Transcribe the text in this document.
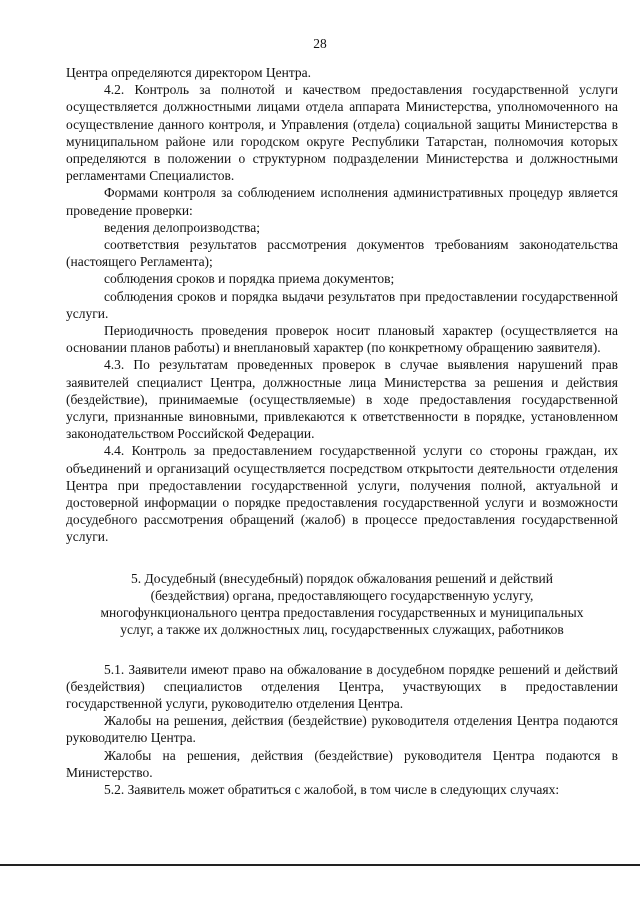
28

Центра определяются директором Центра.

4.2. Контроль за полнотой и качеством предоставления государственной услуги осуществляется должностными лицами отдела аппарата Министерства, уполномоченного на осуществление данного контроля, и Управления (отдела) социальной защиты Министерства в муниципальном районе или городском округе Республики Татарстан, полномочия которых определяются в положении о структурном подразделении Министерства и должностными регламентами Специалистов.

Формами контроля за соблюдением исполнения административных процедур является проведение проверки:

ведения делопроизводства;

соответствия результатов рассмотрения документов требованиям законодательства (настоящего Регламента);

соблюдения сроков и порядка приема документов;

соблюдения сроков и порядка выдачи результатов при предоставлении государственной услуги.

Периодичность проведения проверок носит плановый характер (осуществляется на основании планов работы) и внеплановый характер (по конкретному обращению заявителя).

4.3. По результатам проведенных проверок в случае выявления нарушений прав заявителей специалист Центра, должностные лица Министерства за решения и действия (бездействие), принимаемые (осуществляемые) в ходе предоставления государственной услуги, признанные виновными, привлекаются к ответственности в порядке, установленном законодательством Российской Федерации.

4.4. Контроль за предоставлением государственной услуги со стороны граждан, их объединений и организаций осуществляется посредством открытости деятельности отделения Центра при предоставлении государственной услуги, получения полной, актуальной и достоверной информации о порядке предоставления государственной услуги и возможности досудебного рассмотрения обращений (жалоб) в процессе предоставления государственной услуги.

5. Досудебный (внесудебный) порядок обжалования решений и действий
(бездействия) органа, предоставляющего государственную услугу,
многофункционального центра предоставления государственных и муниципальных
услуг, а также их должностных лиц, государственных служащих, работников

5.1. Заявители имеют право на обжалование в досудебном порядке решений и действий (бездействия) специалистов отделения Центра, участвующих в предоставлении государственной услуги, руководителю отделения Центра.

Жалобы на решения, действия (бездействие) руководителя отделения Центра подаются руководителю Центра.

Жалобы на решения, действия (бездействие) руководителя Центра подаются в Министерство.

5.2. Заявитель может обратиться с жалобой, в том числе в следующих случаях:
